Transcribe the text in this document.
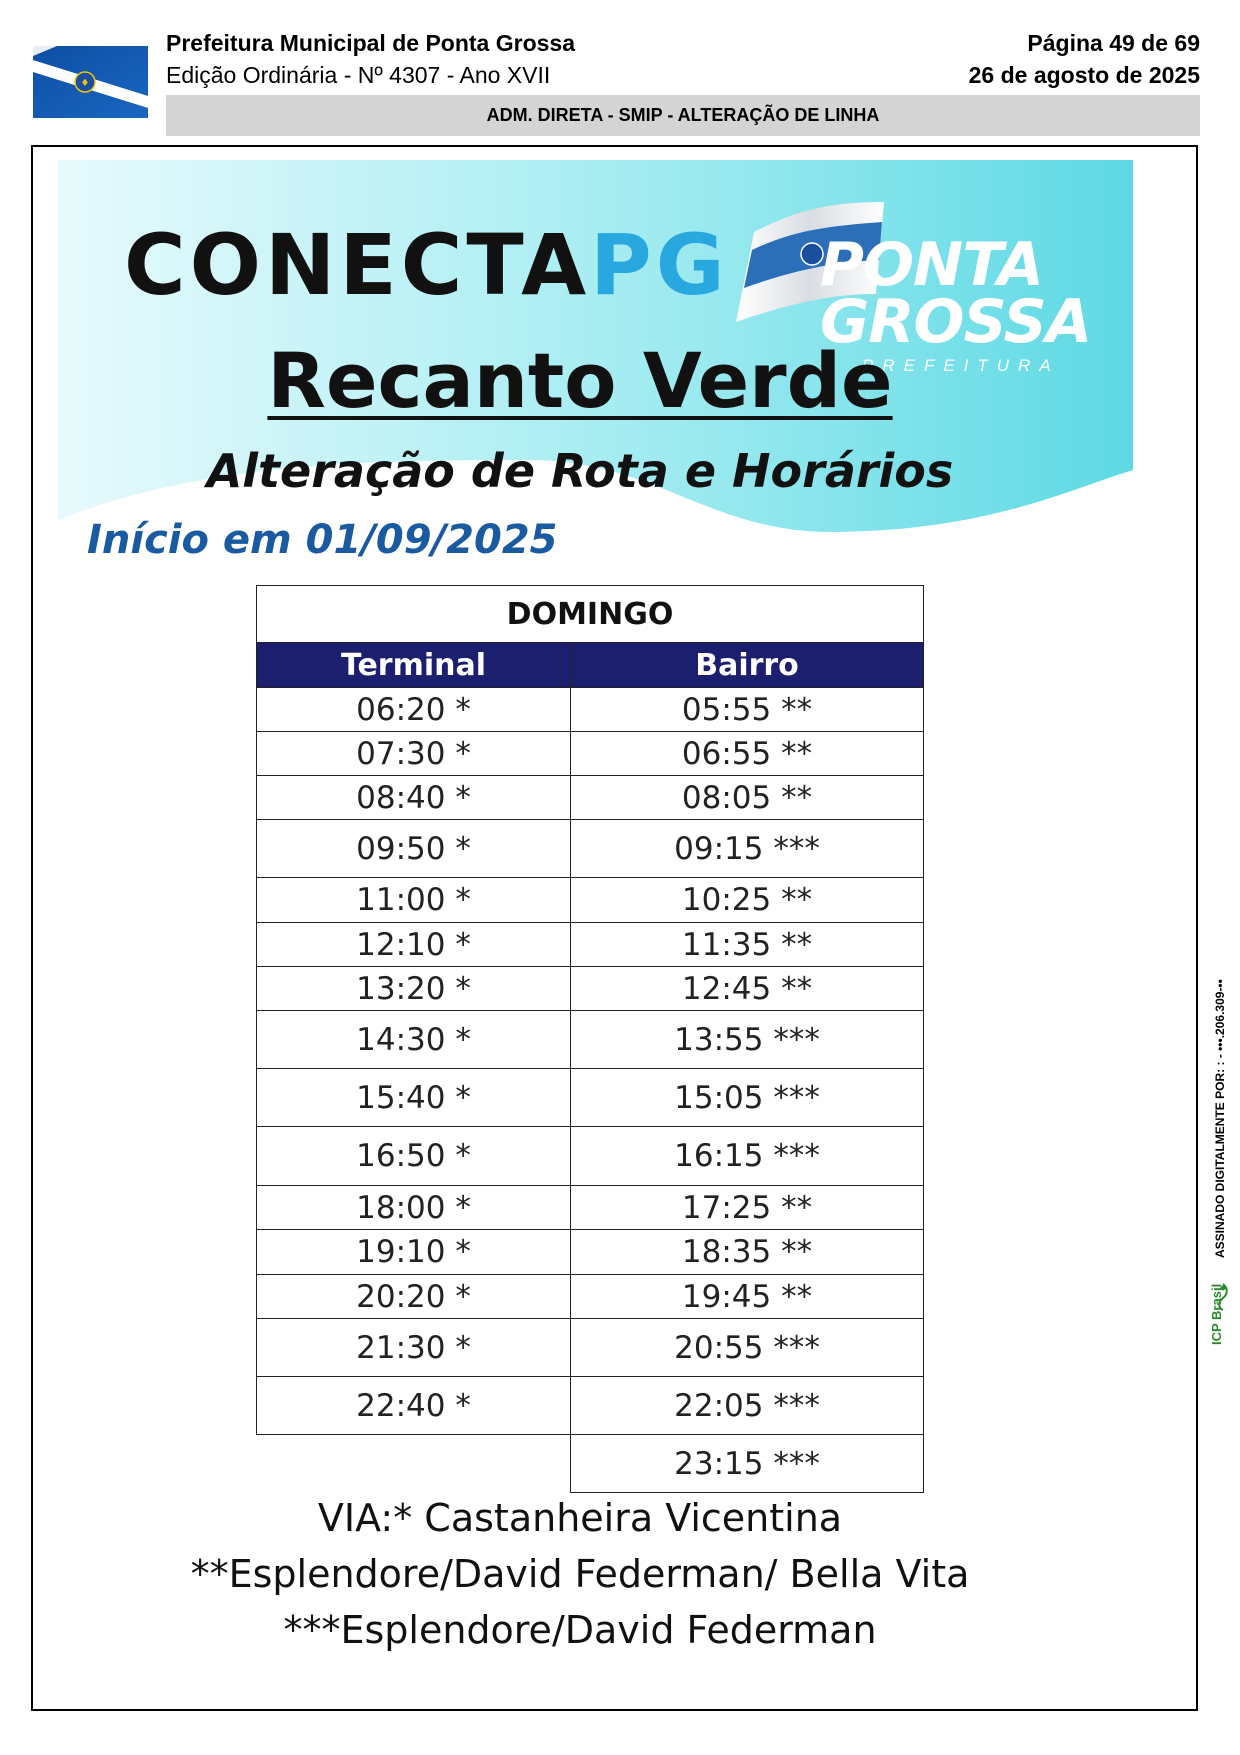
♦
Prefeitura Municipal de Ponta Grossa
Edição Ordinária - Nº 4307 - Ano XVII
Página 49 de 69
26 de agosto de 2025
ADM. DIRETA - SMIP - ALTERAÇÃO DE LINHA
CONECTAPG PONTA
GROSSA
PREFEITURA
Recanto Verde
Alteração de Rota e Horários
Início em 01/09/2025
DOMINGO	
Terminal	Bairro
06:20 *	05:55 **
07:30 *	06:55 **
08:40 *	08:05 **
09:50 *	09:15 ***
11:00 *	10:25 **
12:10 *	11:35 **
13:20 *	12:45 **
14:30 *	13:55 ***
15:40 *	15:05 ***
16:50 *	16:15 ***
18:00 *	17:25 **
19:10 *	18:35 **
20:20 *	19:45 **
21:30 *	20:55 ***
22:40 *	22:05 ***
	23:15 ***
VIA:* Castanheira Vicentina
**Esplendore/David Federman/ Bella Vita
***Esplendore/David Federman
ASSINADO DIGITALMENTE POR: : - •••.206.309-••
ICP Brasil
